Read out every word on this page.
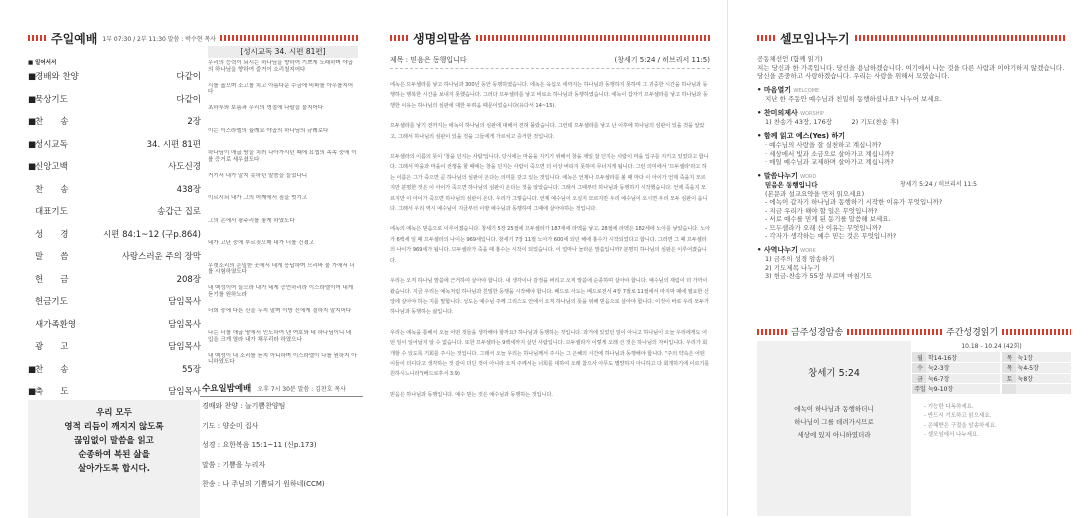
주일예배 1부 07:30 / 2부 11:30 말씀 : 박수현 목사
■ 일어서서
■
경배와 찬양	다같이
■
묵상기도	다같이
■
찬　　송	2장
■
성시교독	34. 시편 81편
■
신앙고백	사도신경
찬　　송	438장
대표기도	송갑근 집로
성　　경	시편 84:1~12 (구p.864)
말　　씀	사랑스러운 주의 장막
헌　　금	208장
헌금기도	담임목사
새가족환영	담임목사
광　　고	담임목사
■
찬　　송	55장
■
축　　도	담임목사
[성시교독 34. 시편 81편]
우리의 능력이 되시는 하나님을 향하여 기쁘게 노래하며 야곱의 하나님을 향하여 즐거이 소리칠지어다
시를 읊으며 소고를 치고 아름다운 수금에 비파를 아우를지어다
초하루와 보름과 우리의 명절에 나팔을 불지어다
이는 이스라엘의 율례요 야곱의 하나님의 규례로다
하나님이 애굽 땅을 치러 나아가시던 때에 요셉의 족속 중에 이를 증거로 세우셨도다
거기서 내가 알지 못하던 말씀을 들었나니
이르시되 내가 그의 어깨에서 짐을 벗기고
그의 손에서 광주리를 놓게 하였도다
네가 고난 중에 부르짖으매 내가 너를 건졌고
우렛소리의 은밀한 곳에서 네게 응답하며 므리바 물 가에서 너를 시험하였도다
내 백성이여 들으라 내가 네게 증언하리라 이스라엘이여 내게 듣기를 원하노라
너희 중에 다른 신을 두지 말며 이방 신에게 절하지 말지어다
나는 너를 애굽 땅에서 인도하여 낸 여호와 네 하나님이니 네 입을 크게 열라 내가 채우리라 하였으나
내 백성이 내 소리를 듣지 아니하며 이스라엘이 나를 원하지 아니하였도다
우리 모두
영적 리듬이 깨지지 않도록
끊임없이 말씀을 읽고
순종하여 복된 삶을
살아가도록 합시다.
수요일밤예배 오후 7시 30분 말씀 : 김찬호 목사
경배와 찬양 : 늘기쁨찬양팀
기도 : 양순미 집사
성경 : 요한복음 15:1~11 (신p.173)
말씀 : 기쁨을 누리자
찬송 : 나 주님의 기쁨되기 원하네(CCM)
생명의말씀
제목 : 믿음은 동행입니다	(창세기 5:24 / 히브리서 11:5)
에녹은 므두셀라를 낳고 하나님과 300년 동안 동행하였습니다. 에녹은 육십오 세까지는 하나님과 동행하지 못하며 그 귀중한 시간을 하나님과 동행하는 행복한 시간을 보내지 못했습니다. 그러다 므두셀라를 낳고 비로소 하나님과 동행하였습니다. 에녹이 갑자기 므두셀라를 낳고 하나님과 동행한 이유는 하나님의 심판에 대한 두려움 때문이었습니다(유다서 14~15).
므두셀라를 낳기 전까지는 에녹이 하나님의 심판에 대해서 전혀 몰랐습니다. 그런데 므두셀라를 낳고 난 이후에 하나님의 심판이 있을 것을 알았고, 그래서 하나님의 심판이 있을 것을 그들에게 가르치고 증거한 것입니다.
므두셀라의 이름의 뜻이 '창을 던지는 사람'입니다. 당시에는 마을을 지키기 위해서 창을 제일 잘 던지는 사람이 마을 입구를 지키고 있었다고 합니다. 그래서 마을과 마을이 전쟁을 할 때에는 창을 던지는 사람이 죽으면 더 이상 버티지 못하여 무너지게 됩니다. 그런 의미에서 '므두셀라'라고 하는 이름은 그가 죽으면 곧 하나님의 심판이 온다는 의미를 갖고 있는 것입니다. 에녹은 언제나 므두셀라를 볼 때 마다 이 아이가 언제 죽을지 모르지만 분명한 것은 이 아이가 죽으면 하나님의 심판이 온다는 것을 알았습니다. 그래서 그때부터 하나님과 동행하기 시작했습니다. 언제 죽을지 모르지만 이 아이가 죽으면 하나님의 심판이 온다. 우리가 그렇습니다. 언제 예수님이 오실지 모르지만 우리 예수님이 오시면 우리 모두 심판이 옵니다. 그래서 우리 역시 예수님이 지금부터 이땅 예수님과 동행하며 그때에 살아야하는 것입니다.
에녹의 에녹은 믿음으로 이루어졌습니다. 창세기 5장 25절에 므두셀라가 187세에 라멕을 낳고, 28절에 라멕은 182세에 노아를 낳았습니다. 노아가 6백세 일 때 므두셀라의 나이는 969세입니다. 창세기 7장 11절 노아가 600세 되던 해에 홍수가 시작되었다고 합니다. 그러면 그 때 므두셀라의 나이가 969세가 됩니다. 므두셀라가 죽을 때 홍수는 시작이 되었습니다. 이 얼마나 놀라운 말씀입니까? 분명히 하나님의 심판은 이루어졌습니다.
우리는 오직 하나님 말씀에 근거하여 살아야 합니다. 내 생각이나 감정을 버리고 오직 말씀에 순종하며 살아야 합니다. 예수님의 재림이 더 가까이 왔습니다. 지금 우리는 예녹처럼 하나님과 친밀한 동행을 시작해야 합니다. 베드로 사도는 베드로전서 4장 7절로 11절에서 마지막 때에 필요한 신앙에 살아야 하는 지를 말합니다. 성도는 예수님 주께 그리스도 안에서 오직 하나님의 뜻을 위해 믿음으로 살아야 합니다. 이것이 바로 우리 모두가 하나님과 동행하는 삶입니다.
우리는 에녹을 통해서 오늘 어떤 것들을 생각해야 할까요? 하나님과 동행하는 것입니다. 과거에 있었던 일이 아니고 하나님이 오늘 우리에게도 어떤 일이 일어날지 알 수 없습니다. 또한 므두셀라는 9백세까지 살던 사람입니다. 므두셀라가 이렇게 오래 산 것은 하나님의 자비입니다. 우리가 회개할 수 있도록 기회를 주시는 것입니다. 그래서 오늘 우리는 하나님께서 주시는 그 은혜의 시간에 하나님과 동행해야 합니다. "주의 약속은 어떤 이들이 더디다고 생각하는 것 같이 더딘 것이 아니라 오직 주께서는 너희를 대하여 오래 참으사 아무도 멸망하지 아니하고 다 회개하기에 이르기를 원하시느니라"(베드로후서 3:9)
믿음은 하나님과 동행입니다. 예수 믿는 것은 예수님과 동행하는 것입니다.
셀모임나누기
공동체선언 (함께 읽기)
저는 당신과 한 가족입니다. 당신을 용납하겠습니다. 여기에서 나눈 것을 다른 사람과 이야기하지 않겠습니다. 당신을 존중하고 사랑하겠습니다. 우리는 사랑을 위해서 모였습니다.
• 마음열기 WELCOME
지난 한 주동안 예수님과 친밀히 동행하셨나요? 나누어 보세요.
• 찬미의제사 WORSHIP
1) 찬송가 43장, 176장　　　2) 기도(찬송 후)
• 함께 읽고 예스(Yes) 하기
· 예수님의 사랑을 잘 실천하고 계십니까?
· 세상에서 빛과 소금으로 살아가고 계십니까?
· 매일 예수님과 교제하며 살아가고 계십니까?
• 말씀나누기 WORD
믿음은 동행입니다	창세기 5:24 / 히브리서 11:5
(본문과 설교요약을 먼저 읽으세요)
- 에녹이 갑자기 하나님과 동행하기 시작한 이유가 무엇입니까?
- 지금 우리가 해야 할 일은 무엇입니까?
- 서로 예수를 믿게 된 동기를 말씀해 보세요.
- 므두셀라가 오래 산 이유는 무엇입니까?
- 각자가 생각하는 예수 믿는 것은 무엇입니까?
• 사역나누기 WORK
1) 금주의 성경 암송하기
2) 기도제목 나누기
3) 헌금-찬송가 55장 부르며 마침기도
금주성경암송
창세기 5:24
에녹이 하나님과 동행하더니
하나님이 그를 데려가시므로
세상에 있지 아니하였더라
주간성경읽기
10.18 - 10.24 (42회)
월	학14-16장		목	눅1장
수	눅2-3장		목	눅4-5장
금	눅6-7장		토	눅8장
주일	눅9-10장			
- 기능한 다독하세요.
- 반드시 기도하고 읽으세요.
- 은혜받은 구절을 암송하세요.
- 셀모임에서 나누세요.
